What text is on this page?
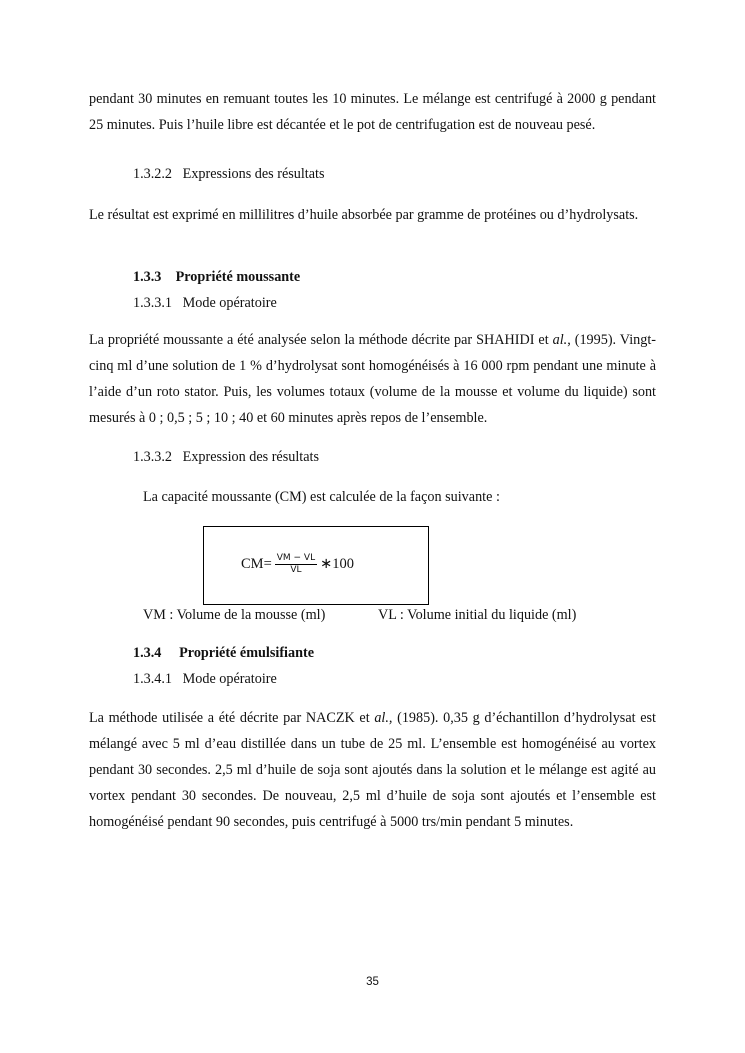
pendant 30 minutes en remuant toutes les 10 minutes. Le mélange est centrifugé à 2000 g pendant 25 minutes. Puis l’huile libre est décantée et le pot de centrifugation est de nouveau pesé.
1.3.2.2 Expressions des résultats
Le résultat est exprimé en millilitres d’huile absorbée par gramme de protéines ou d’hydrolysats.
1.3.3 Propriété moussante
1.3.3.1 Mode opératoire
La propriété moussante a été analysée selon la méthode décrite par SHAHIDI et al., (1995). Vingt-cinq ml d’une solution de 1 % d’hydrolysat sont homogénéisés à 16 000 rpm pendant une minute à l’aide d’un roto stator. Puis, les volumes totaux (volume de la mousse et volume du liquide) sont mesurés à 0 ; 0,5 ; 5 ; 10 ; 40 et 60 minutes après repos de l’ensemble.
1.3.3.2 Expression des résultats
La capacité moussante (CM) est calculée de la façon suivante :
$CM= \frac{VM - VL}{VL}$ ∗100
VM : Volume de la mousse (ml)	VL : Volume initial du liquide (ml)
1.3.4 Propriété émulsifiante
1.3.4.1 Mode opératoire
La méthode utilisée a été décrite par NACZK et al., (1985). 0,35 g d’échantillon d’hydrolysat est mélangé avec 5 ml d’eau distillée dans un tube de 25 ml. L’ensemble est homogénéisé au vortex pendant 30 secondes. 2,5 ml d’huile de soja sont ajoutés dans la solution et le mélange est agité au vortex pendant 30 secondes. De nouveau, 2,5 ml d’huile de soja sont ajoutés et l’ensemble est homogénéisé pendant 90 secondes, puis centrifugé à 5000 trs/min pendant 5 minutes.
35
